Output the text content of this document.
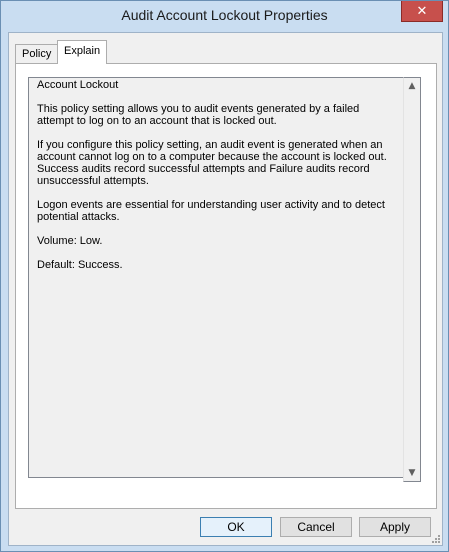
Audit Account Lockout Properties	✕
Policy	Explain

Account Lockout

This policy setting allows you to audit events generated by a failed attempt to log on to an account that is locked out.

If you configure this policy setting, an audit event is generated when an account cannot log on to a computer because the account is locked out. Success audits record successful attempts and Failure audits record unsuccessful attempts.

Logon events are essential for understanding user activity and to detect potential attacks.

Volume: Low.

Default: Success.

▲
▼
OK	Cancel	Apply
